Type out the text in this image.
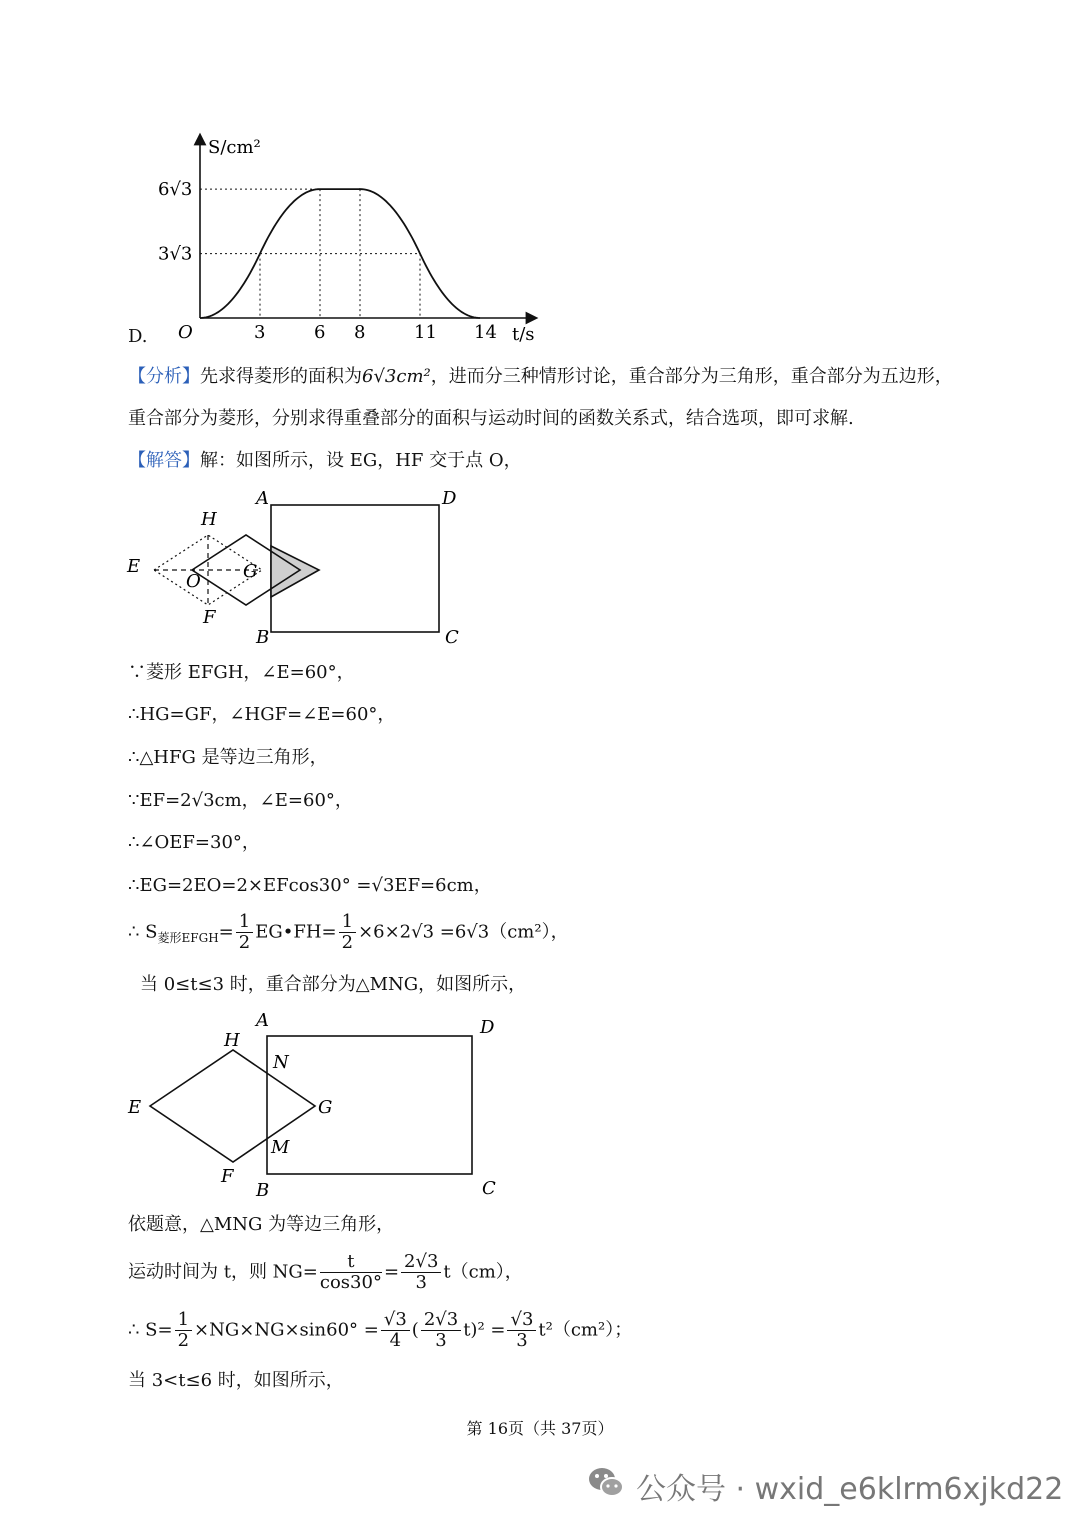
3	6 8	11 14
3√3
6√3
O
S/cm²
t/s
D.
【分析】先求得菱形的面积为6√3cm²，进而分三种情形讨论，重合部分为三角形，重合部分为五边形，
重合部分为菱形，分别求得重叠部分的面积与运动时间的函数关系式，结合选项，即可求解.
【解答】解：如图所示，设 EG，HF 交于点 O，
A	D
H
E
O G
F
B	C
∵菱形 EFGH，∠E=60°，
∴HG=GF，∠HGF=∠E=60°，
∴△HFG 是等边三角形，
∵EF=2√3cm，∠E=60°，
∴∠OEF=30°，
∴EG=2EO=2×EFcos30° =√3EF=6cm，
∴ $S_{菱形EFGH}= \frac{1}{2}$ EG•FH= $\frac{1}{2} \times 6\times 2√3 =6√3(cm^2)$，
当 0≤t≤3 时，重合部分为△MNG，如图所示，
A	D
H
N
E	G
M
F
B	C
依题意，△MNG 为等边三角形，
运动时间为 t，则 $NG= \frac{t}{\cos 30^\circ} = \frac{2√3}{3} t(cm)$，
∴ $S= \frac{1}{2} \times NG\times NG\times\sin 60^\circ = \frac{√3}{4}$ ( $\frac{2√3}{3} t)^2 = \frac{√3}{3} t^2(cm^2)$；
当 3<t≤6 时，如图所示，
第 16页（共 37页）
公众号 · wxid_e6klrm6xjkd22
